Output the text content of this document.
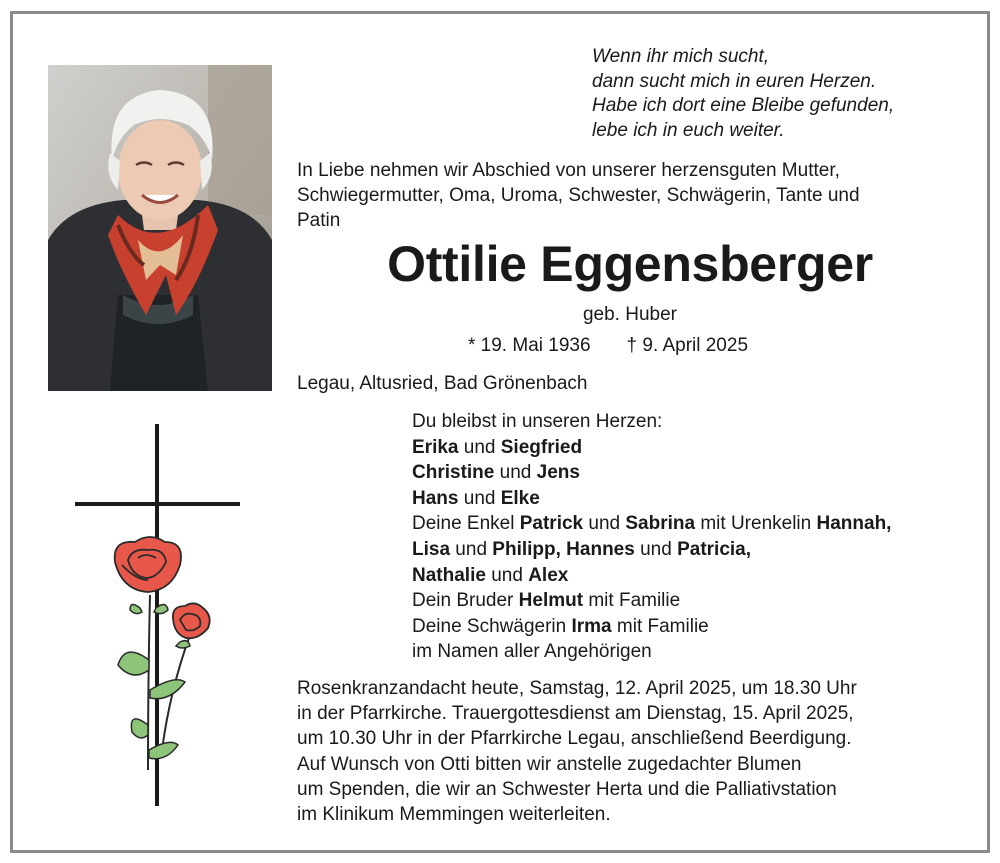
Wenn ihr mich sucht,
dann sucht mich in euren Herzen.
Habe ich dort eine Bleibe gefunden,
lebe ich in euch weiter.
In Liebe nehmen wir Abschied von unserer herzensguten Mutter,
Schwiegermutter, Oma, Uroma, Schwester, Schwägerin, Tante und
Patin
Ottilie Eggensberger
geb. Huber
* 19. Mai 1936 † 9. April 2025
Legau, Altusried, Bad Grönenbach
Du bleibst in unseren Herzen:
Erika und Siegfried
Christine und Jens
Hans und Elke
Deine Enkel Patrick und Sabrina mit Urenkelin Hannah,
Lisa und Philipp, Hannes und Patricia,
Nathalie und Alex
Dein Bruder Helmut mit Familie
Deine Schwägerin Irma mit Familie
im Namen aller Angehörigen
Rosenkranzandacht heute, Samstag, 12. April 2025, um 18.30 Uhr
in der Pfarrkirche. Trauergottesdienst am Dienstag, 15. April 2025,
um 10.30 Uhr in der Pfarrkirche Legau, anschließend Beerdigung.
Auf Wunsch von Otti bitten wir anstelle zugedachter Blumen
um Spenden, die wir an Schwester Herta und die Palliativstation
im Klinikum Memmingen weiterleiten.
